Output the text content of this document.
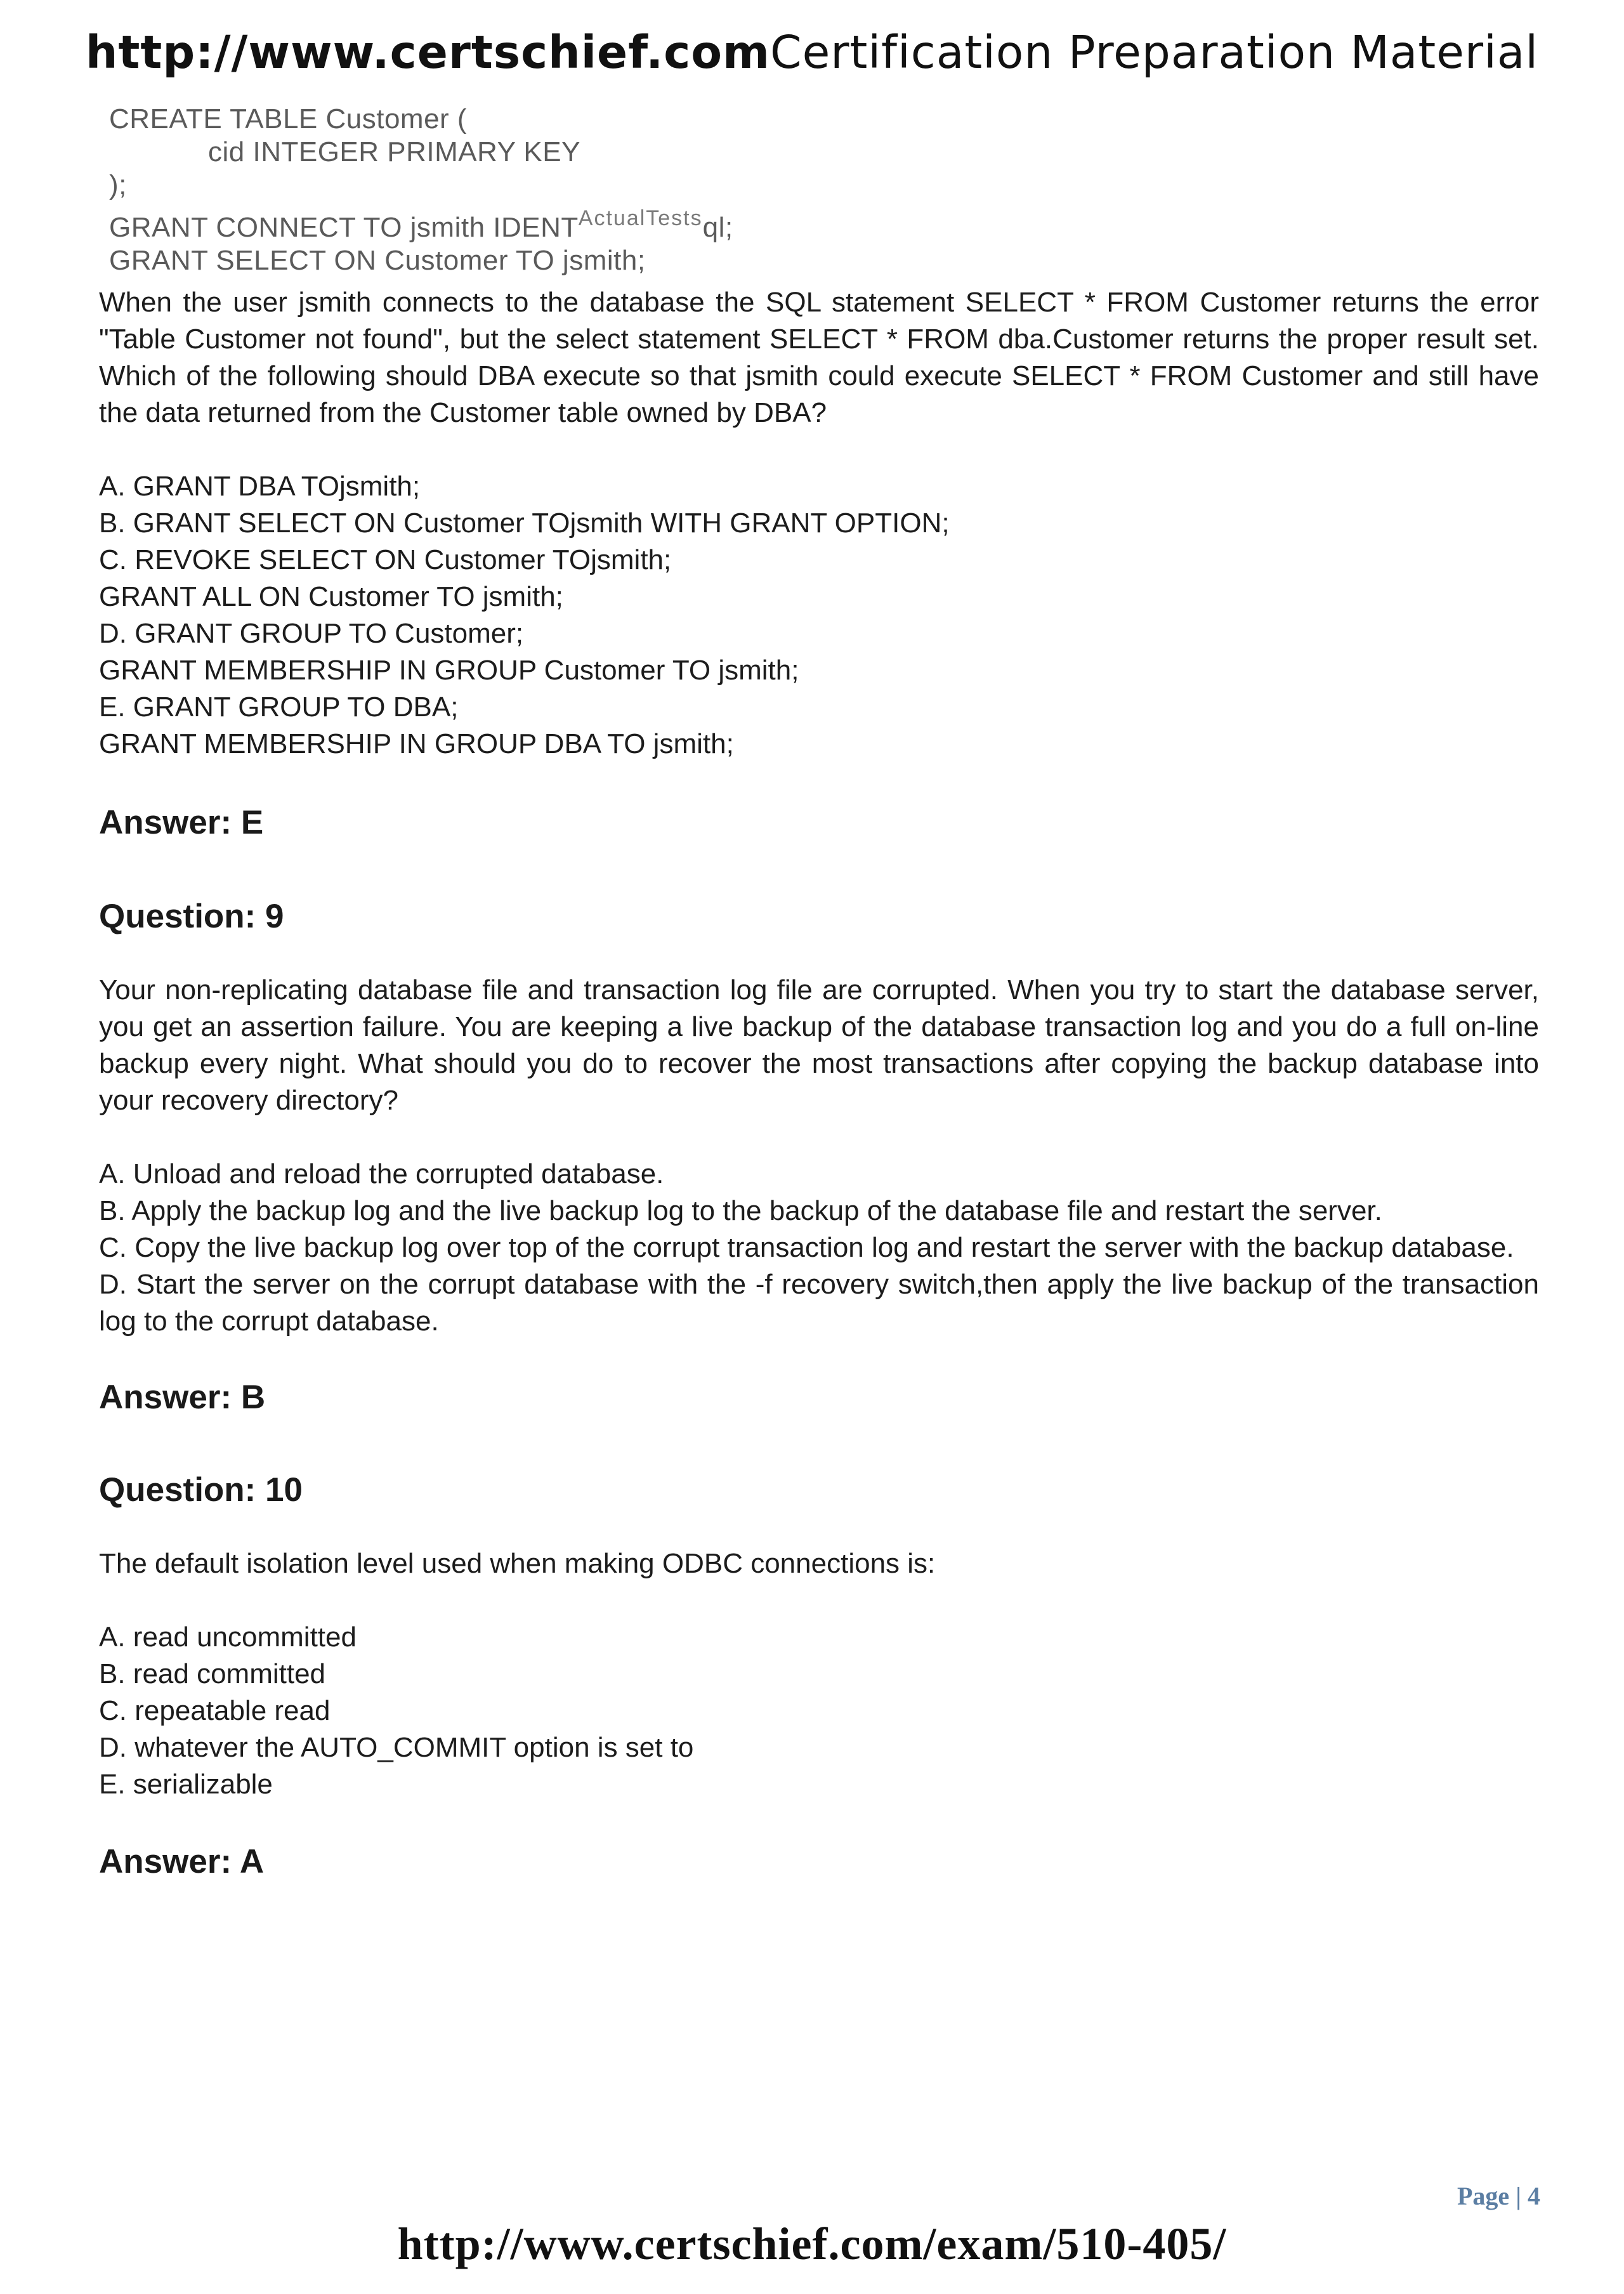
http://www.certschief.comCertification Preparation Material
CREATE TABLE Customer (
cid INTEGER PRIMARY KEY
);
GRANT CONNECT TO jsmith $IDENT^{ActualTests}ql$;
GRANT SELECT ON Customer TO jsmith;

When the user jsmith connects to the database the SQL statement SELECT * FROM Customer returns the error "Table Customer not found", but the select statement SELECT * FROM dba.Customer returns the proper result set. Which of the following should DBA execute so that jsmith could execute SELECT * FROM Customer and still have the data returned from the Customer table owned by DBA?

A. GRANT DBA TOjsmith;
B. GRANT SELECT ON Customer TOjsmith WITH GRANT OPTION;
C. REVOKE SELECT ON Customer TOjsmith;
GRANT ALL ON Customer TO jsmith;
D. GRANT GROUP TO Customer;
GRANT MEMBERSHIP IN GROUP Customer TO jsmith;
E. GRANT GROUP TO DBA;
GRANT MEMBERSHIP IN GROUP DBA TO jsmith;

Answer: E

Question: 9

Your non-replicating database file and transaction log file are corrupted. When you try to start the database server, you get an assertion failure. You are keeping a live backup of the database transaction log and you do a full on-line backup every night. What should you do to recover the most transactions after copying the backup database into your recovery directory?

A. Unload and reload the corrupted database.
B. Apply the backup log and the live backup log to the backup of the database file and restart the server.
C. Copy the live backup log over top of the corrupt transaction log and restart the server with the backup database.

D. Start the server on the corrupt database with the -f recovery switch,then apply the live backup of the transaction log to the corrupt database.

Answer: B

Question: 10

The default isolation level used when making ODBC connections is:

A. read uncommitted
B. read committed
C. repeatable read
D. whatever the AUTO_COMMIT option is set to
E. serializable

Answer: A

Page | 4
http://www.certschief.com/exam/510-405/
